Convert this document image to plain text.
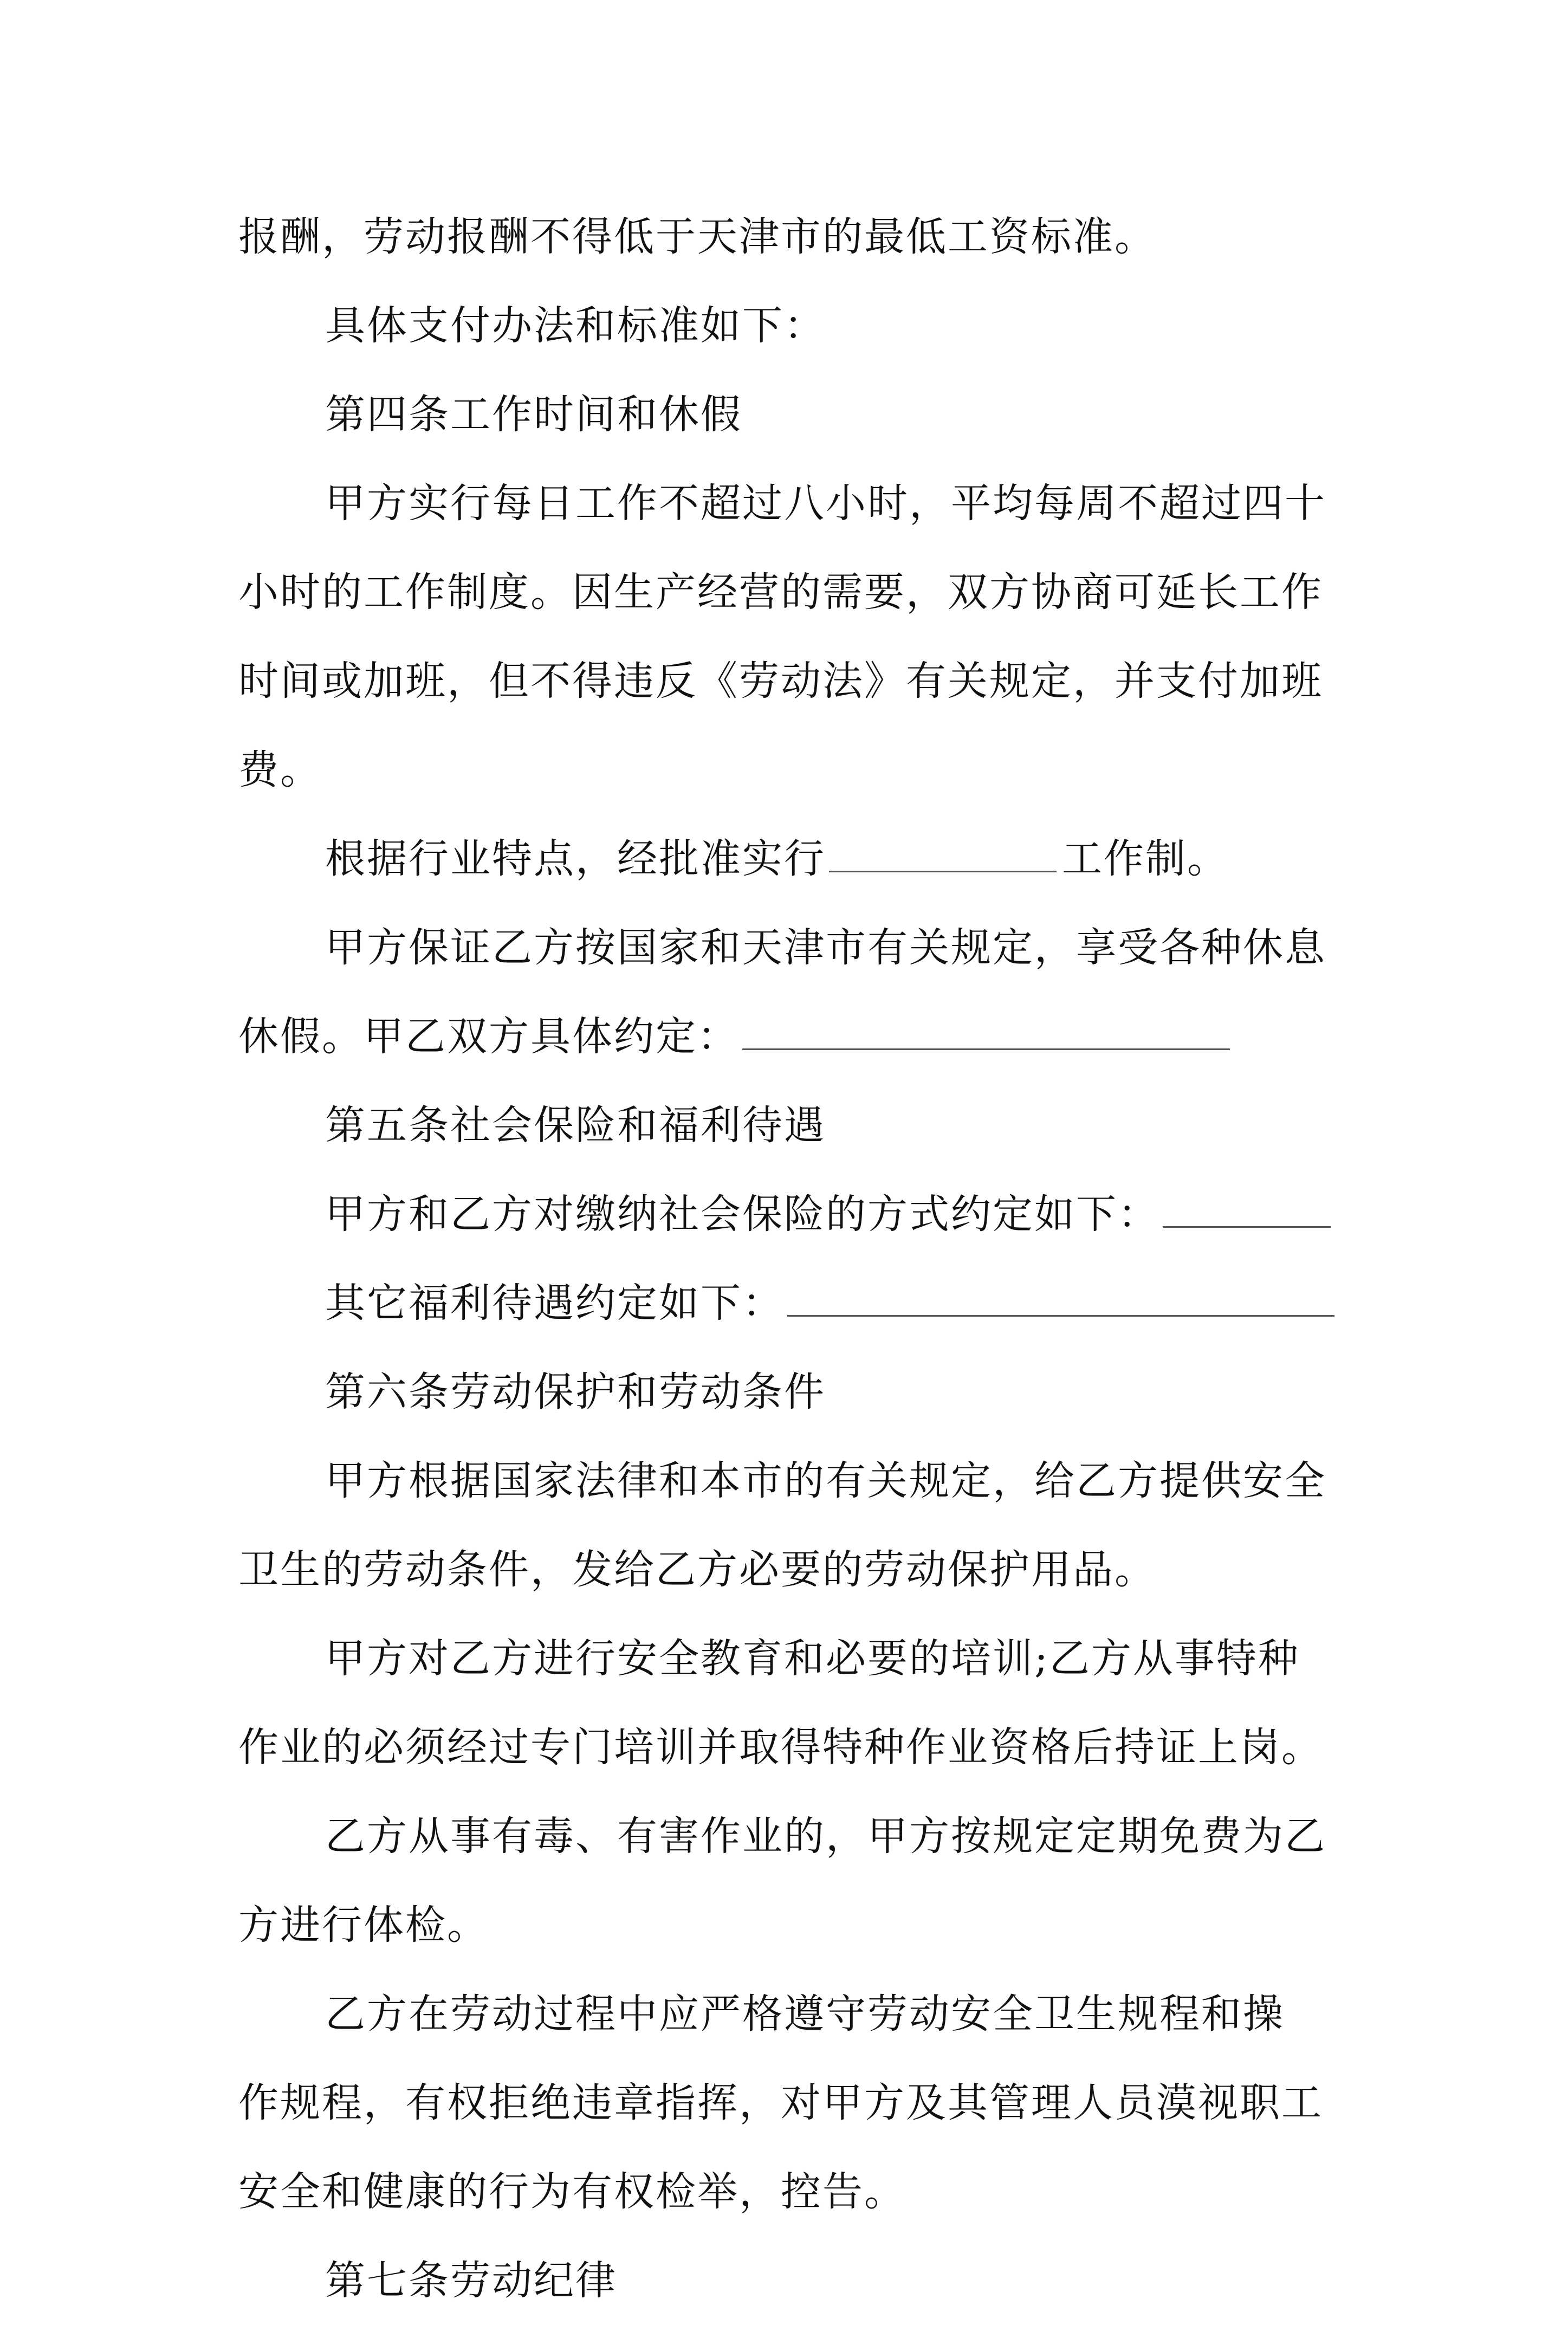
报酬，劳动报酬不得低于天津市的最低工资标准。
具体支付办法和标准如下：
第四条工作时间和休假
甲方实行每日工作不超过八小时，平均每周不超过四十
小时的工作制度。因生产经营的需要，双方协商可延长工作
时间或加班，但不得违反《劳动法》有关规定，并支付加班
费。
根据行业特点，经批准实行	工作制。
甲方保证乙方按国家和天津市有关规定，享受各种休息
休假。甲乙双方具体约定：
第五条社会保险和福利待遇
甲方和乙方对缴纳社会保险的方式约定如下：
其它福利待遇约定如下：
第六条劳动保护和劳动条件
甲方根据国家法律和本市的有关规定，给乙方提供安全
卫生的劳动条件，发给乙方必要的劳动保护用品。
甲方对乙方进行安全教育和必要的培训;乙方从事特种
作业的必须经过专门培训并取得特种作业资格后持证上岗。
乙方从事有毒、有害作业的，甲方按规定定期免费为乙
方进行体检。
乙方在劳动过程中应严格遵守劳动安全卫生规程和操
作规程，有权拒绝违章指挥，对甲方及其管理人员漠视职工
安全和健康的行为有权检举，控告。
第七条劳动纪律
